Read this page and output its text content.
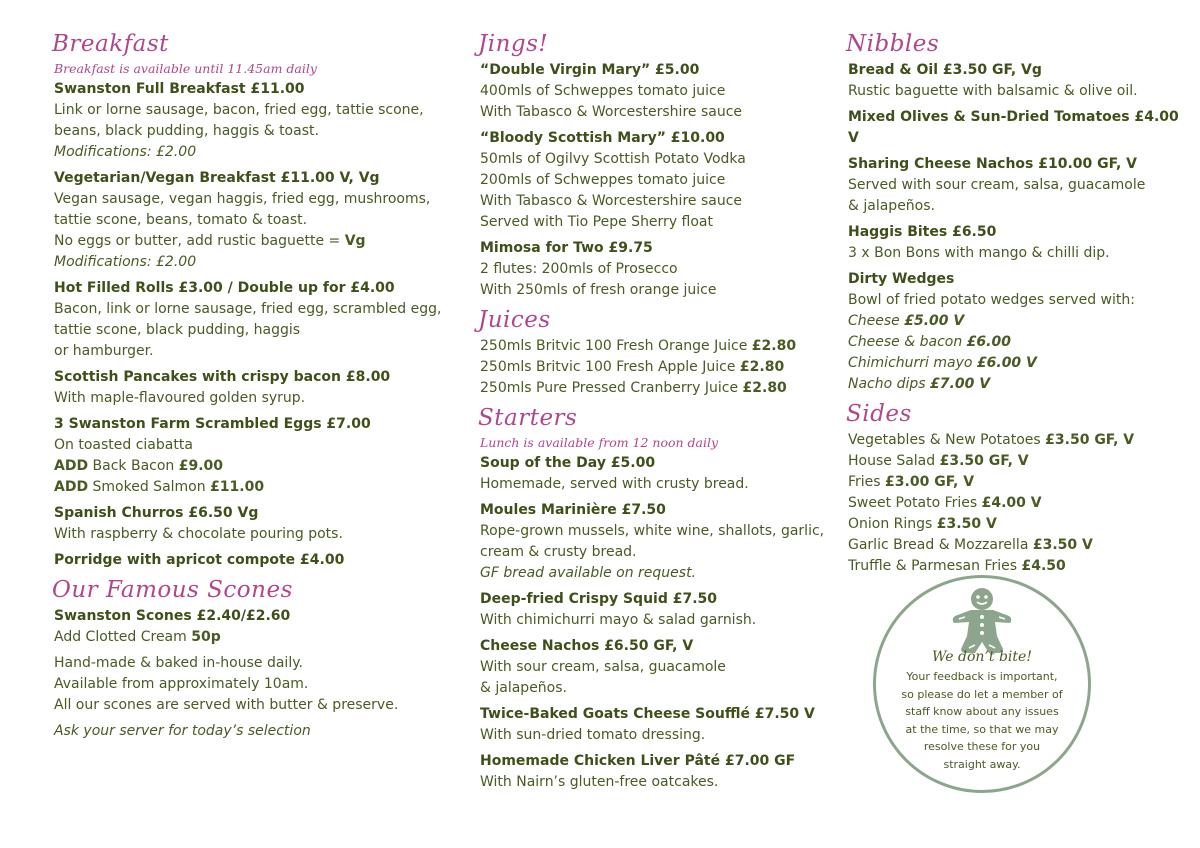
Breakfast
Breakfast is available until 11.45am daily
Swanston Full Breakfast £11.00
Link or lorne sausage, bacon, fried egg, tattie scone,
beans, black pudding, haggis & toast.
Modifications: £2.00
Vegetarian/Vegan Breakfast £11.00 V, Vg
Vegan sausage, vegan haggis, fried egg, mushrooms,
tattie scone, beans, tomato & toast.
No eggs or butter, add rustic baguette = Vg
Modifications: £2.00
Hot Filled Rolls £3.00 / Double up for £4.00
Bacon, link or lorne sausage, fried egg, scrambled egg,
tattie scone, black pudding, haggis
or hamburger.
Scottish Pancakes with crispy bacon £8.00
With maple-flavoured golden syrup.
3 Swanston Farm Scrambled Eggs £7.00
On toasted ciabatta
ADD Back Bacon £9.00
ADD Smoked Salmon £11.00
Spanish Churros £6.50 Vg
With raspberry & chocolate pouring pots.
Porridge with apricot compote £4.00
Our Famous Scones
Swanston Scones £2.40/£2.60
Add Clotted Cream 50p
Hand-made & baked in-house daily.
Available from approximately 10am.
All our scones are served with butter & preserve.
Ask your server for today’s selection
Jings!
“Double Virgin Mary” £5.00
400mls of Schweppes tomato juice
With Tabasco & Worcestershire sauce
“Bloody Scottish Mary” £10.00
50mls of Ogilvy Scottish Potato Vodka
200mls of Schweppes tomato juice
With Tabasco & Worcestershire sauce
Served with Tio Pepe Sherry float
Mimosa for Two £9.75
2 flutes: 200mls of Prosecco
With 250mls of fresh orange juice
Juices
250mls Britvic 100 Fresh Orange Juice £2.80
250mls Britvic 100 Fresh Apple Juice £2.80
250mls Pure Pressed Cranberry Juice £2.80
Starters
Lunch is available from 12 noon daily
Soup of the Day £5.00
Homemade, served with crusty bread.
Moules Marinière £7.50
Rope-grown mussels, white wine, shallots, garlic,
cream & crusty bread.
GF bread available on request.
Deep-fried Crispy Squid £7.50
With chimichurri mayo & salad garnish.
Cheese Nachos £6.50 GF, V
With sour cream, salsa, guacamole
& jalapeños.
Twice-Baked Goats Cheese Soufflé £7.50 V
With sun-dried tomato dressing.
Homemade Chicken Liver Pâté £7.00 GF
With Nairn’s gluten-free oatcakes.
Nibbles
Bread & Oil £3.50 GF, Vg
Rustic baguette with balsamic & olive oil.
Mixed Olives & Sun-Dried Tomatoes £4.00 V
Sharing Cheese Nachos £10.00 GF, V
Served with sour cream, salsa, guacamole
& jalapeños.
Haggis Bites £6.50
3 x Bon Bons with mango & chilli dip.
Dirty Wedges
Bowl of fried potato wedges served with:
Cheese £5.00 V
Cheese & bacon £6.00
Chimichurri mayo £6.00 V
Nacho dips £7.00 V
Sides
Vegetables & New Potatoes £3.50 GF, V
House Salad £3.50 GF, V
Fries £3.00 GF, V
Sweet Potato Fries £4.00 V
Onion Rings £3.50 V
Garlic Bread & Mozzarella £3.50 V
Truffle & Parmesan Fries £4.50
We don’t bite!
Your feedback is important,
so please do let a member of
staff know about any issues
at the time, so that we may
resolve these for you
straight away.
